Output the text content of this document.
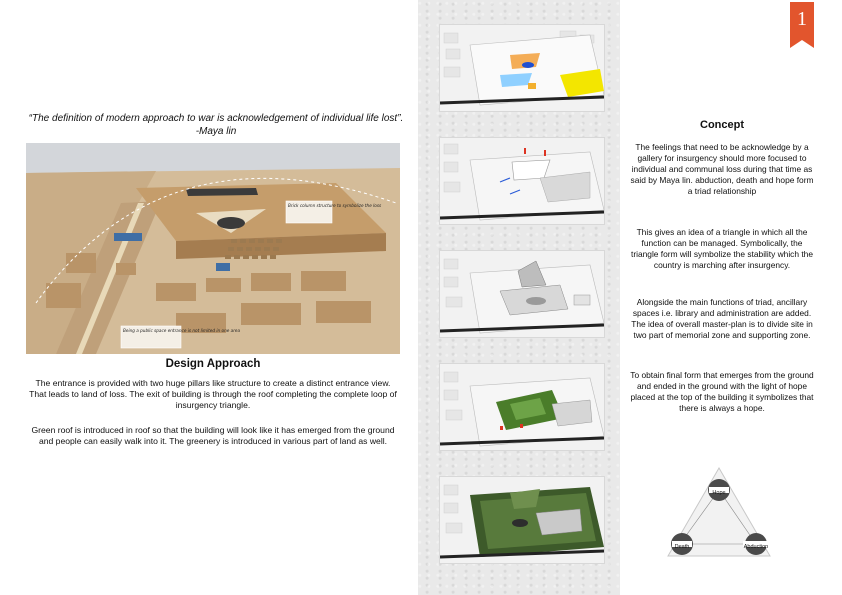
1
“The definition of modern approach to war is acknowledgement of individual life lost”. -Maya lin
Brick column structure to symbolize the loss
Being a public space entrance is not limited in one area
Design Approach
The entrance is provided with two huge pillars like structure to create a distinct entrance view. That leads to land of loss. The exit of building is through the roof completing the complete loop of insurgency triangle.
Green roof is introduced in roof so that the building will look like it has emerged from the ground and people can easily walk into it. The greenery is introduced in various part of land as well.
Concept
The feelings that need to be acknowledge by a gallery for insurgency should more focused to individual and communal loss during that time as said by Maya lin. abduction, death and hope form a triad relationship
This gives an idea of a triangle in which all the function can be managed. Symbolically, the triangle form will symbolize the stability which the country is marching after insurgency.
Alongside the main functions of triad, ancillary spaces i.e. library and administration are added. The idea of overall master-plan is to divide site in two part of memorial zone and supporting zone.
To obtain final form that emerges from the ground and ended in the ground with the light of hope placed at the top of the building it symbolizes that there is always a hope.
Hope
Death	Abduction
